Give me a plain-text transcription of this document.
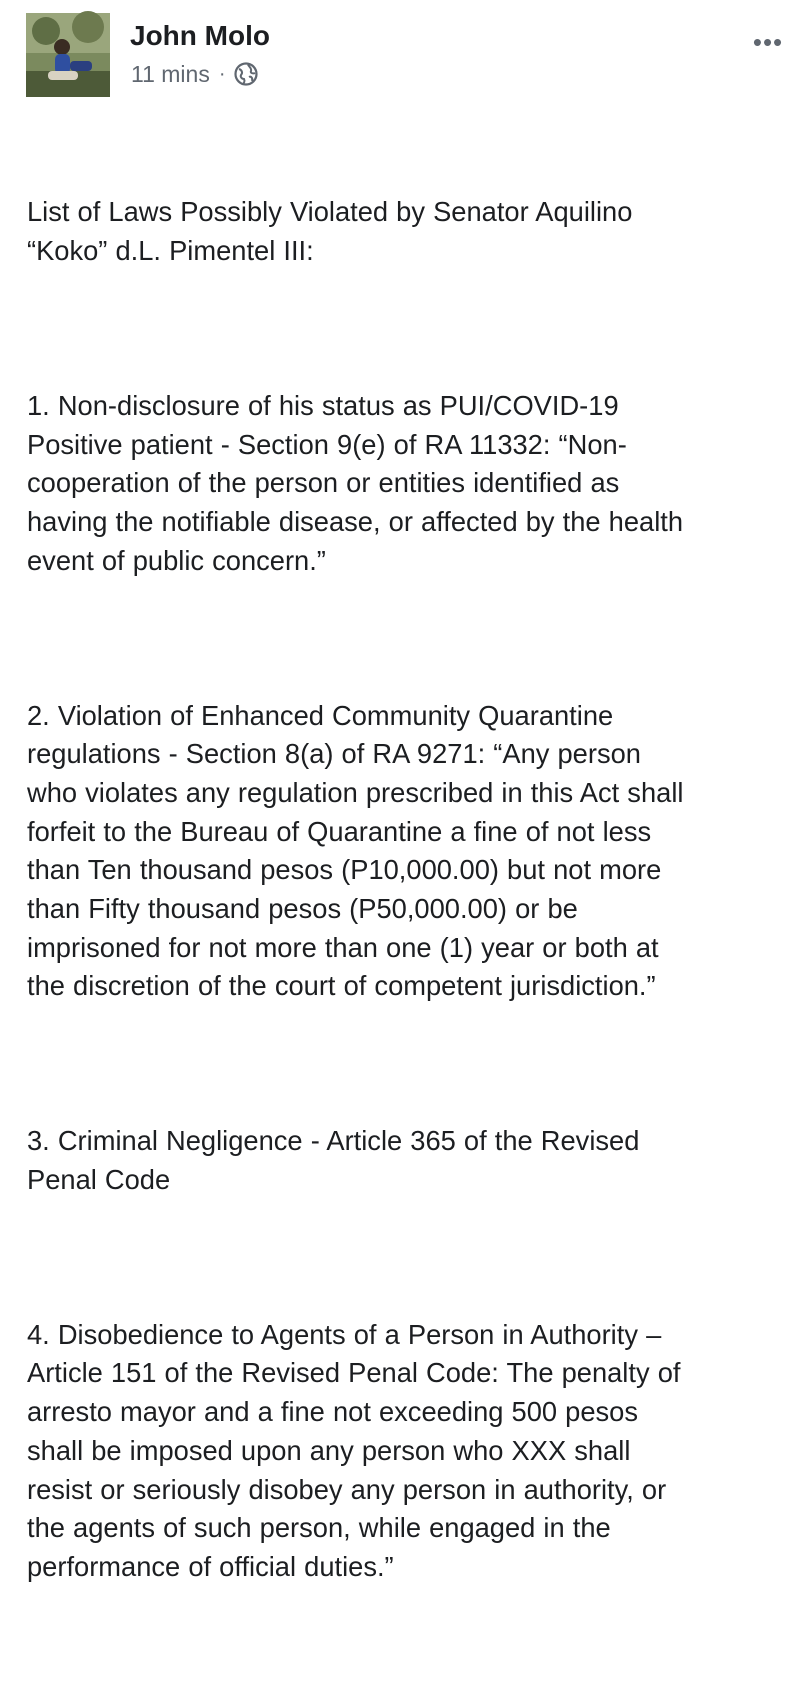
John Molo
11 mins ·
•••

List of Laws Possibly Violated by Senator Aquilino
“Koko” d.L. Pimentel III:

1. Non-disclosure of his status as PUI/COVID-19
Positive patient - Section 9(e) of RA 11332: “Non-
cooperation of the person or entities identified as
having the notifiable disease, or affected by the health
event of public concern.”

2. Violation of Enhanced Community Quarantine
regulations - Section 8(a) of RA 9271: “Any person
who violates any regulation prescribed in this Act shall
forfeit to the Bureau of Quarantine a fine of not less
than Ten thousand pesos (P10,000.00) but not more
than Fifty thousand pesos (P50,000.00) or be
imprisoned for not more than one (1) year or both at
the discretion of the court of competent jurisdiction.”

3. Criminal Negligence - Article 365 of the Revised
Penal Code

4. Disobedience to Agents of a Person in Authority –
Article 151 of the Revised Penal Code: The penalty of
arresto mayor and a fine not exceeding 500 pesos
shall be imposed upon any person who XXX shall
resist or seriously disobey any person in authority, or
the agents of such person, while engaged in the
performance of official duties.”
